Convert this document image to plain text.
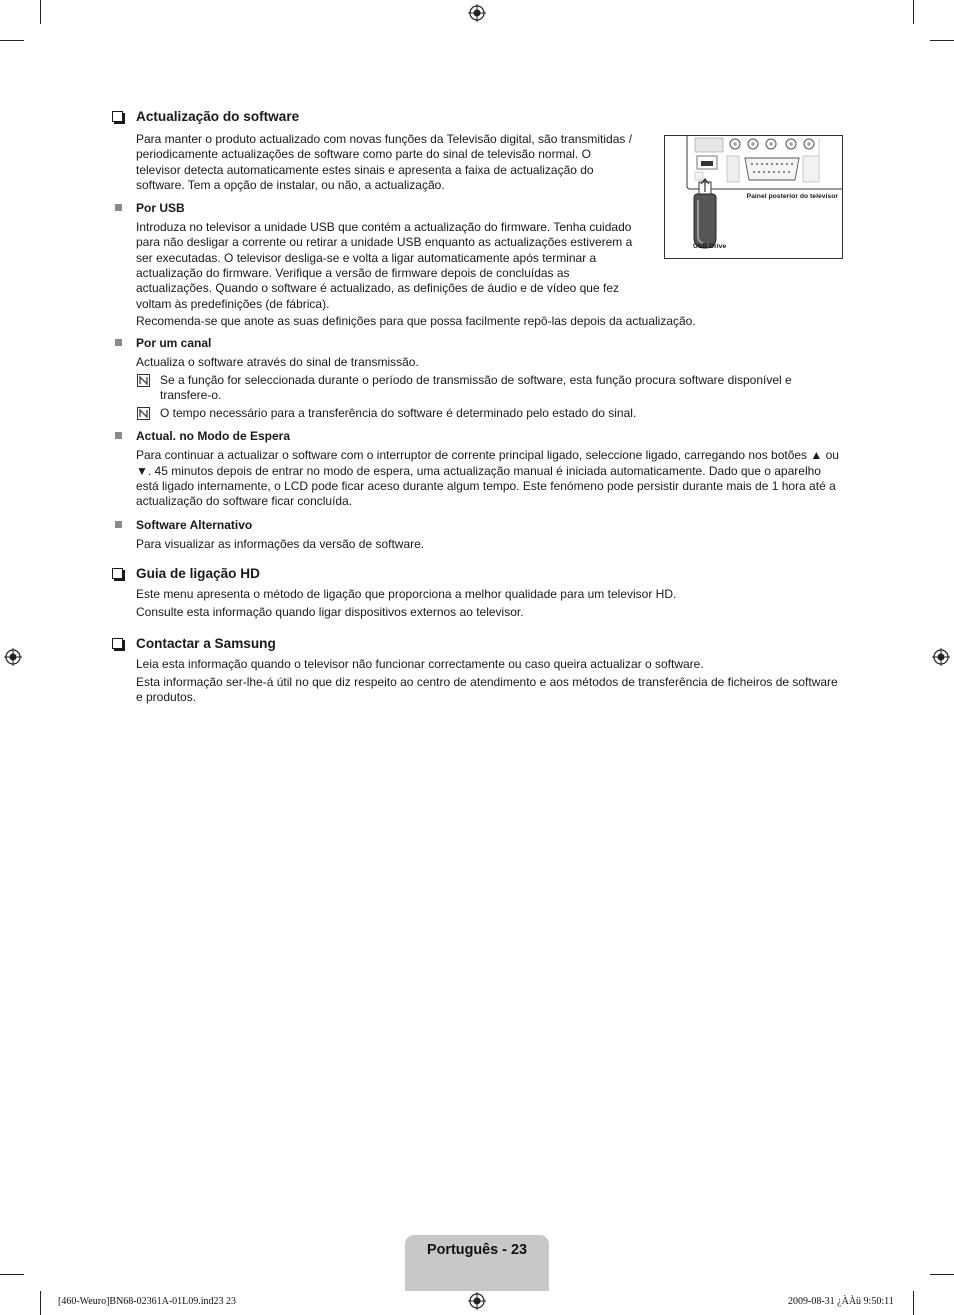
Painel posterior do televisor
USB Drive
Actualização do software

Para manter o produto actualizado com novas funções da Televisão digital, são transmitidas / periodicamente actualizações de software como parte do sinal de televisão normal. O televisor detecta automaticamente estes sinais e apresenta a faixa de actualização do software. Tem a opção de instalar, ou não, a actualização.

Por USB

Introduza no televisor a unidade USB que contém a actualização do firmware. Tenha cuidado para não desligar a corrente ou retirar a unidade USB enquanto as actualizações estiverem a ser executadas. O televisor desliga-se e volta a ligar automaticamente após terminar a actualização do firmware. Verifique a versão de firmware depois de concluídas as actualizações. Quando o software é actualizado, as definições de áudio e de vídeo que fez voltam às predefinições (de fábrica).

Recomenda-se que anote as suas definições para que possa facilmente repô-las depois da actualização.

Por um canal

Actualiza o software através do sinal de transmissão.

Se a função for seleccionada durante o período de transmissão de software, esta função procura software disponível e transfere-o.

O tempo necessário para a transferência do software é determinado pelo estado do sinal.

Actual. no Modo de Espera

Para continuar a actualizar o software com o interruptor de corrente principal ligado, seleccione ligado, carregando nos botões ▲ ou ▼. 45 minutos depois de entrar no modo de espera, uma actualização manual é iniciada automaticamente. Dado que o aparelho está ligado internamente, o LCD pode ficar aceso durante algum tempo. Este fenómeno pode persistir durante mais de 1 hora até a actualização do software ficar concluída.

Software Alternativo

Para visualizar as informações da versão de software.

Guia de ligação HD

Este menu apresenta o método de ligação que proporciona a melhor qualidade para um televisor HD.

Consulte esta informação quando ligar dispositivos externos ao televisor.

Contactar a Samsung

Leia esta informação quando o televisor não funcionar correctamente ou caso queira actualizar o software.

Esta informação ser-lhe-á útil no que diz respeito ao centro de atendimento e aos métodos de transferência de ficheiros de software e produtos.

Português - 23
[460-Weuro]BN68-02361A-01L09.ind23 23	2009-08-31 ¿ÀÀü 9:50:11
